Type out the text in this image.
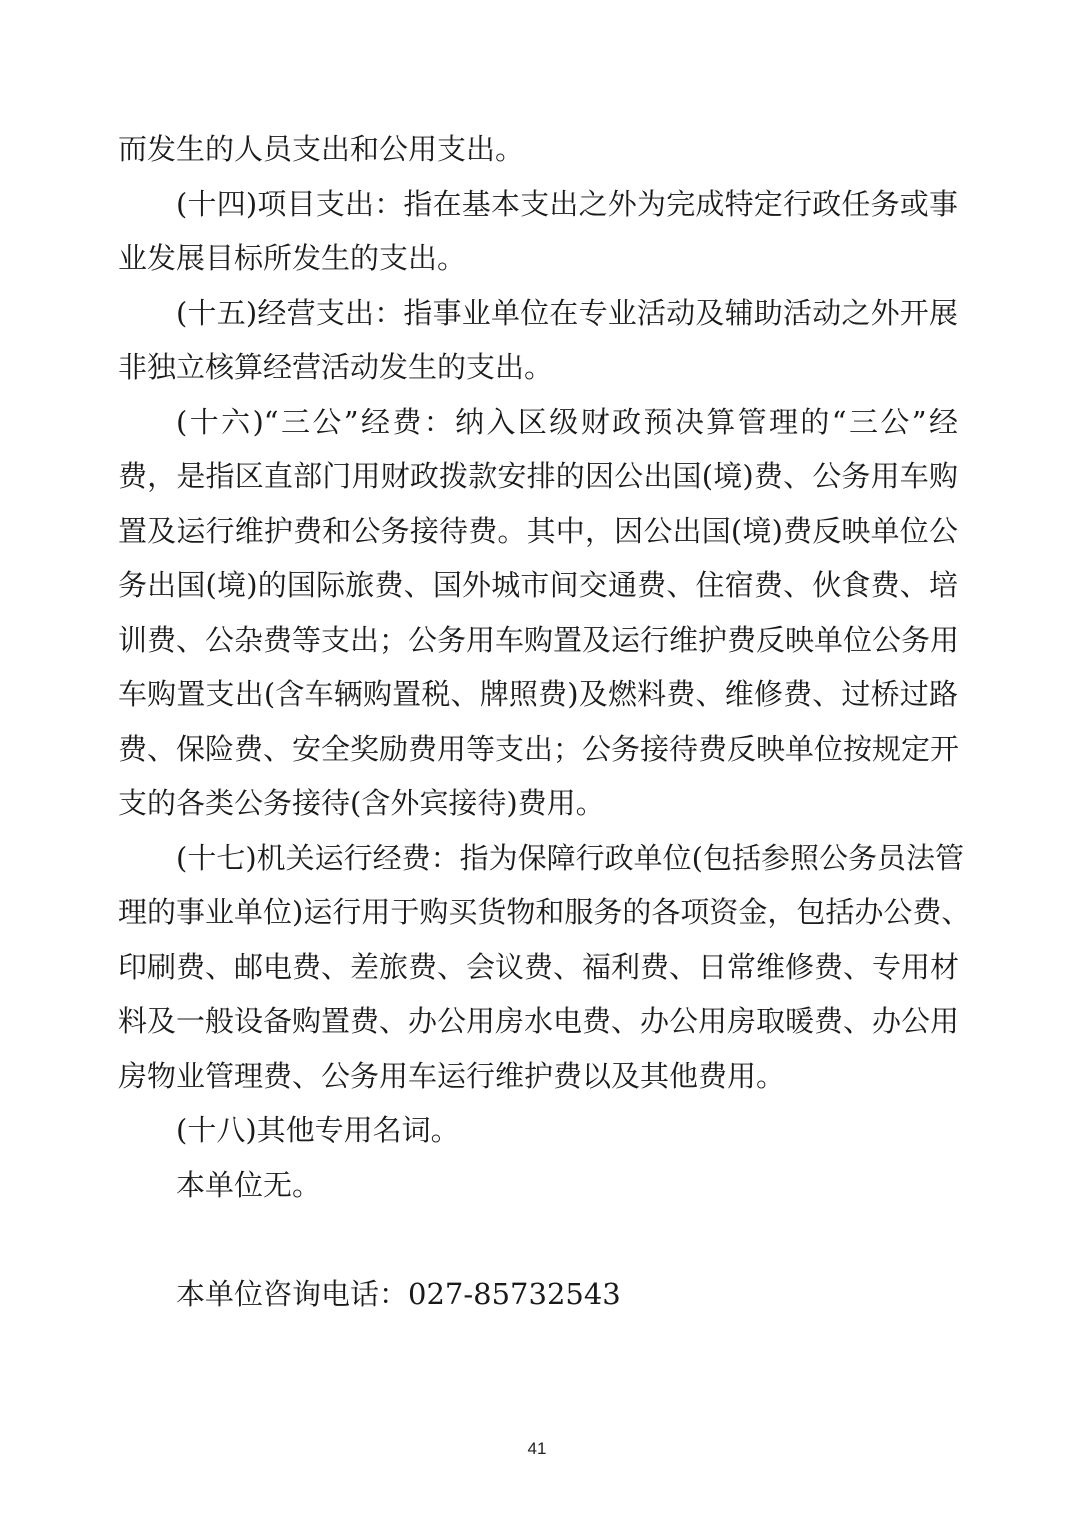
而发生的人员支出和公用支出。
(十四)项目支出：指在基本支出之外为完成特定行政任务或事
业发展目标所发生的支出。
(十五)经营支出：指事业单位在专业活动及辅助活动之外开展
非独立核算经营活动发生的支出。
(十六)“三公”经费：纳入区级财政预决算管理的“三公”经
费，是指区直部门用财政拨款安排的因公出国(境)费、公务用车购
置及运行维护费和公务接待费。其中，因公出国(境)费反映单位公
务出国(境)的国际旅费、国外城市间交通费、住宿费、伙食费、培
训费、公杂费等支出；公务用车购置及运行维护费反映单位公务用
车购置支出(含车辆购置税、牌照费)及燃料费、维修费、过桥过路
费、保险费、安全奖励费用等支出；公务接待费反映单位按规定开
支的各类公务接待(含外宾接待)费用。
(十七)机关运行经费：指为保障行政单位(包括参照公务员法管
理的事业单位)运行用于购买货物和服务的各项资金，包括办公费、
印刷费、邮电费、差旅费、会议费、福利费、日常维修费、专用材
料及一般设备购置费、办公用房水电费、办公用房取暖费、办公用
房物业管理费、公务用车运行维护费以及其他费用。
(十八)其他专用名词。
本单位无。
本单位咨询电话：027-85732543
41
